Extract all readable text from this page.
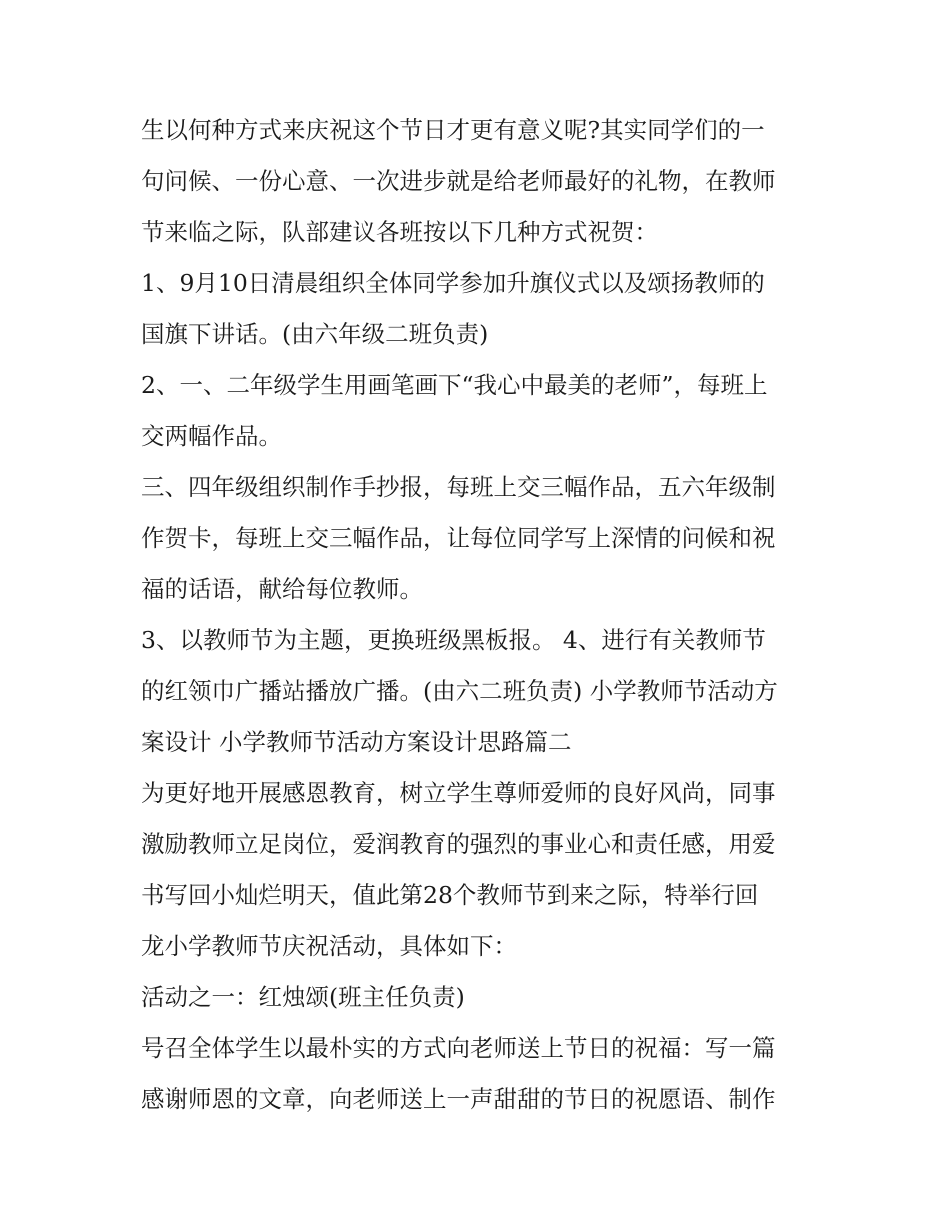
生以何种方式来庆祝这个节日才更有意义呢?其实同学们的一
句问候、一份心意、一次进步就是给老师最好的礼物，在教师
节来临之际，队部建议各班按以下几种方式祝贺：
1、9月10日清晨组织全体同学参加升旗仪式以及颂扬教师的
国旗下讲话。(由六年级二班负责)
2、一、二年级学生用画笔画下“我心中最美的老师”，每班上
交两幅作品。
三、四年级组织制作手抄报，每班上交三幅作品，五六年级制
作贺卡，每班上交三幅作品，让每位同学写上深情的问候和祝
福的话语，献给每位教师。
3、以教师节为主题，更换班级黑板报。 4、进行有关教师节
的红领巾广播站播放广播。(由六二班负责) 小学教师节活动方
案设计 小学教师节活动方案设计思路篇二
为更好地开展感恩教育，树立学生尊师爱师的良好风尚，同事
激励教师立足岗位，爱润教育的强烈的事业心和责任感，用爱
书写回小灿烂明天，值此第28个教师节到来之际，特举行回
龙小学教师节庆祝活动，具体如下：
活动之一：红烛颂(班主任负责)
号召全体学生以最朴实的方式向老师送上节日的祝福：写一篇
感谢师恩的文章，向老师送上一声甜甜的节日的祝愿语、制作
